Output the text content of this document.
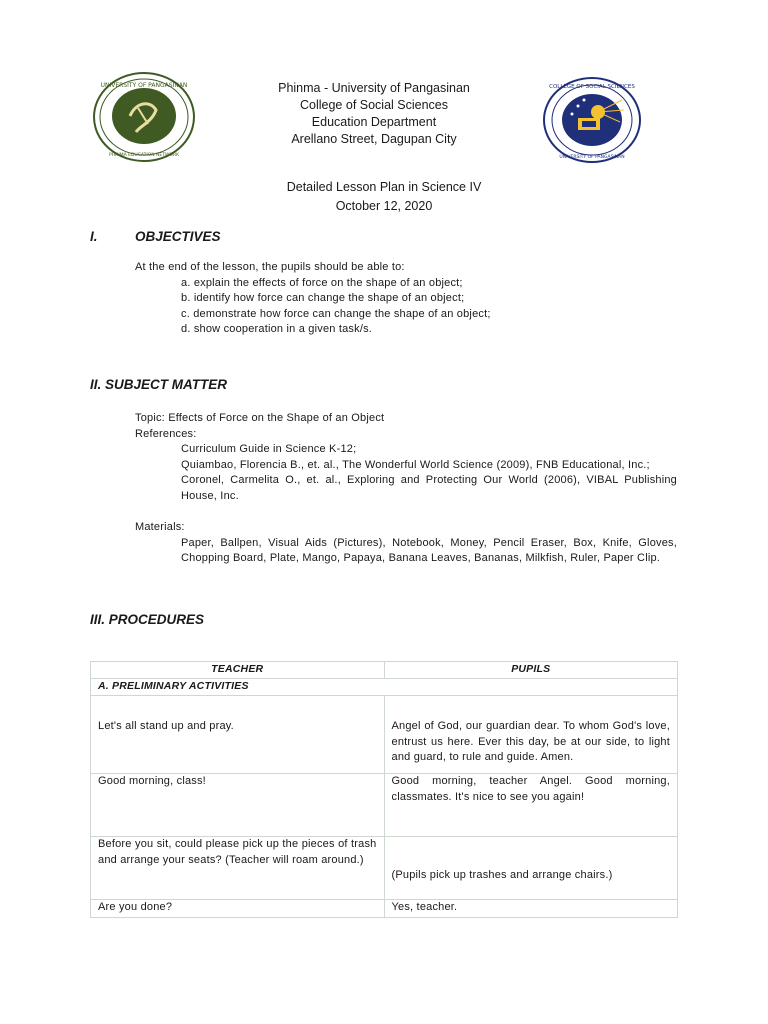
UNIVERSITY OF PANGASINAN
PHINMA EDUCATION NETWORK
COLLEGE OF SOCIAL SCIENCES
UNIVERSITY OF PANGASINAN
Phinma - University of Pangasinan
College of Social Sciences
Education Department
Arellano Street, Dagupan City
Detailed Lesson Plan in Science IV
October 12, 2020
I.	OBJECTIVES
At the end of the lesson, the pupils should be able to:
a. explain the effects of force on the shape of an object;
b. identify how force can change the shape of an object;
c. demonstrate how force can change the shape of an object;
d. show cooperation in a given task/s.
II. SUBJECT MATTER
Topic: Effects of Force on the Shape of an Object
References:
Curriculum Guide in Science K-12;
Quiambao, Florencia B., et. al., The Wonderful World Science (2009), FNB Educational, Inc.;
Coronel, Carmelita O., et. al., Exploring and Protecting Our World (2006), VIBAL Publishing House, Inc.
Materials:
Paper, Ballpen, Visual Aids (Pictures), Notebook, Money, Pencil Eraser, Box, Knife, Gloves, Chopping Board, Plate, Mango, Papaya, Banana Leaves, Bananas, Milkfish, Ruler, Paper Clip.
III. PROCEDURES
TEACHER	PUPILS
A. PRELIMINARY ACTIVITIES	
Let's all stand up and pray.	Angel of God, our guardian dear. To whom God's love, entrust us here. Ever this day, be at our side, to light and guard, to rule and guide. Amen.
Good morning, class!	Good morning, teacher Angel. Good morning, classmates. It's nice to see you again!
Before you sit, could please pick up the pieces of trash and arrange your seats? (Teacher will roam around.)	(Pupils pick up trashes and arrange chairs.)
Are you done?	Yes, teacher.
